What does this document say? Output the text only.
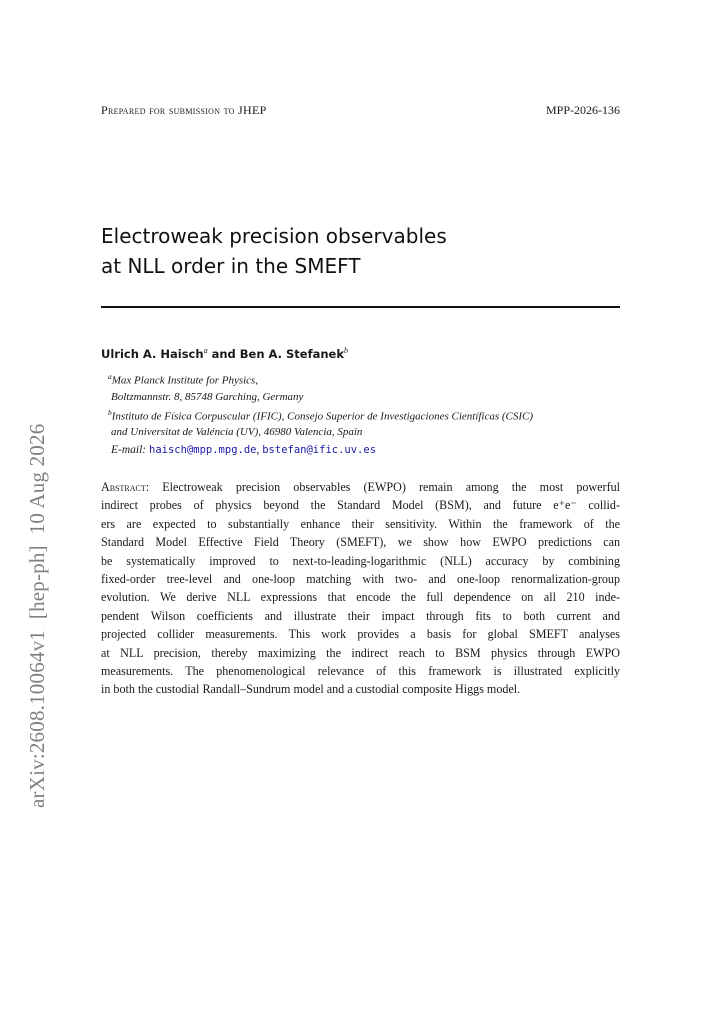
Prepared for submission to JHEP	MPP-2026-136
Electroweak precision observables
at NLL order in the SMEFT
Ulrich A. Haisch$^a$ and Ben A. Stefanek$^b$
$^a$Max Planck Institute for Physics,
Boltzmannstr. 8, 85748 Garching, Germany
$^b$Instituto de Física Corpuscular (IFIC), Consejo Superior de Investigaciones Científicas (CSIC)
and Universitat de Valéncia (UV), 46980 Valencia, Spain
E-mail: haisch@mpp.mpg.de, bstefan@ific.uv.es
Abstract: Electroweak precision observables (EWPO) remain among the most powerful
indirect probes of physics beyond the Standard Model (BSM), and future e⁺e⁻ collid-
ers are expected to substantially enhance their sensitivity. Within the framework of the
Standard Model Effective Field Theory (SMEFT), we show how EWPO predictions can
be systematically improved to next-to-leading-logarithmic (NLL) accuracy by combining
fixed-order tree-level and one-loop matching with two- and one-loop renormalization-group
evolution. We derive NLL expressions that encode the full dependence on all 210 inde-
pendent Wilson coefficients and illustrate their impact through fits to both current and
projected collider measurements. This work provides a basis for global SMEFT analyses
at NLL precision, thereby maximizing the indirect reach to BSM physics through EWPO
measurements. The phenomenological relevance of this framework is illustrated explicitly
in both the custodial Randall–Sundrum model and a custodial composite Higgs model.
arXiv:2608.10064v1  [hep-ph]  10 Aug 2026
